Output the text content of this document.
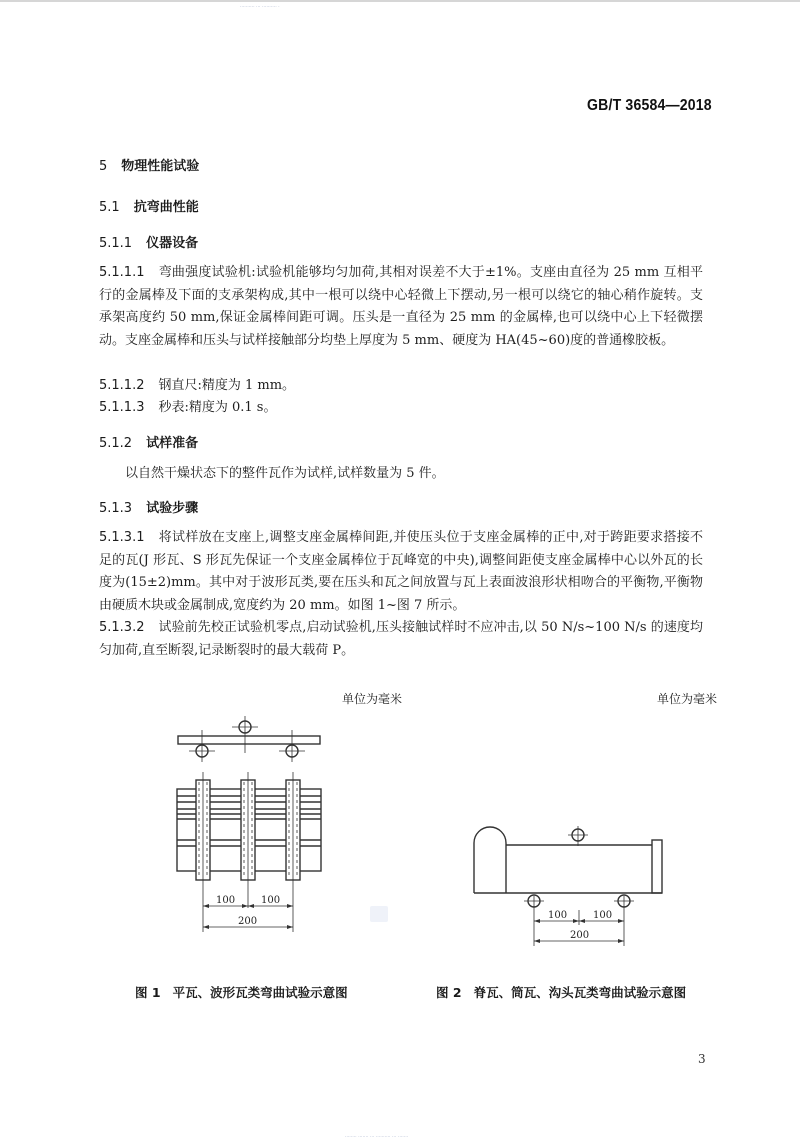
·········· ··· ·········· ·
GB/T 36584—2018
5 物理性能试验
5.1 抗弯曲性能
5.1.1 仪器设备
5.1.1.1 弯曲强度试验机:试验机能够均匀加荷,其相对误差不大于±1%。支座由直径为 25 mm 互相平行的金属棒及下面的支承架构成,其中一根可以绕中心轻微上下摆动,另一根可以绕它的轴心稍作旋转。支承架高度约 50 mm,保证金属棒间距可调。压头是一直径为 25 mm 的金属棒,也可以绕中心上下轻微摆动。支座金属棒和压头与试样接触部分均垫上厚度为 5 mm、硬度为 HA(45~60)度的普通橡胶板。
5.1.1.2 钢直尺:精度为 1 mm。
5.1.1.3 秒表:精度为 0.1 s。
5.1.2 试样准备
以自然干燥状态下的整件瓦作为试样,试样数量为 5 件。
5.1.3 试验步骤
5.1.3.1 将试样放在支座上,调整支座金属棒间距,并使压头位于支座金属棒的正中,对于跨距要求搭接不足的瓦(J 形瓦、S 形瓦先保证一个支座金属棒位于瓦峰宽的中央),调整间距使支座金属棒中心以外瓦的长度为(15±2)mm。其中对于波形瓦类,要在压头和瓦之间放置与瓦上表面波浪形状相吻合的平衡物,平衡物由硬质木块或金属制成,宽度约为 20 mm。如图 1~图 7 所示。
5.1.3.2 试验前先校正试验机零点,启动试验机,压头接触试样时不应冲击,以 50 N/s~100 N/s 的速度均匀加荷,直至断裂,记录断裂时的最大载荷 P。
单位为毫米
100	100
200
单位为毫米
100	100
200
图 1 平瓦、波形瓦类弯曲试验示意图	图 2 脊瓦、筒瓦、沟头瓦类弯曲试验示意图
3
········ ······· ··· ·········· ··· ·······
